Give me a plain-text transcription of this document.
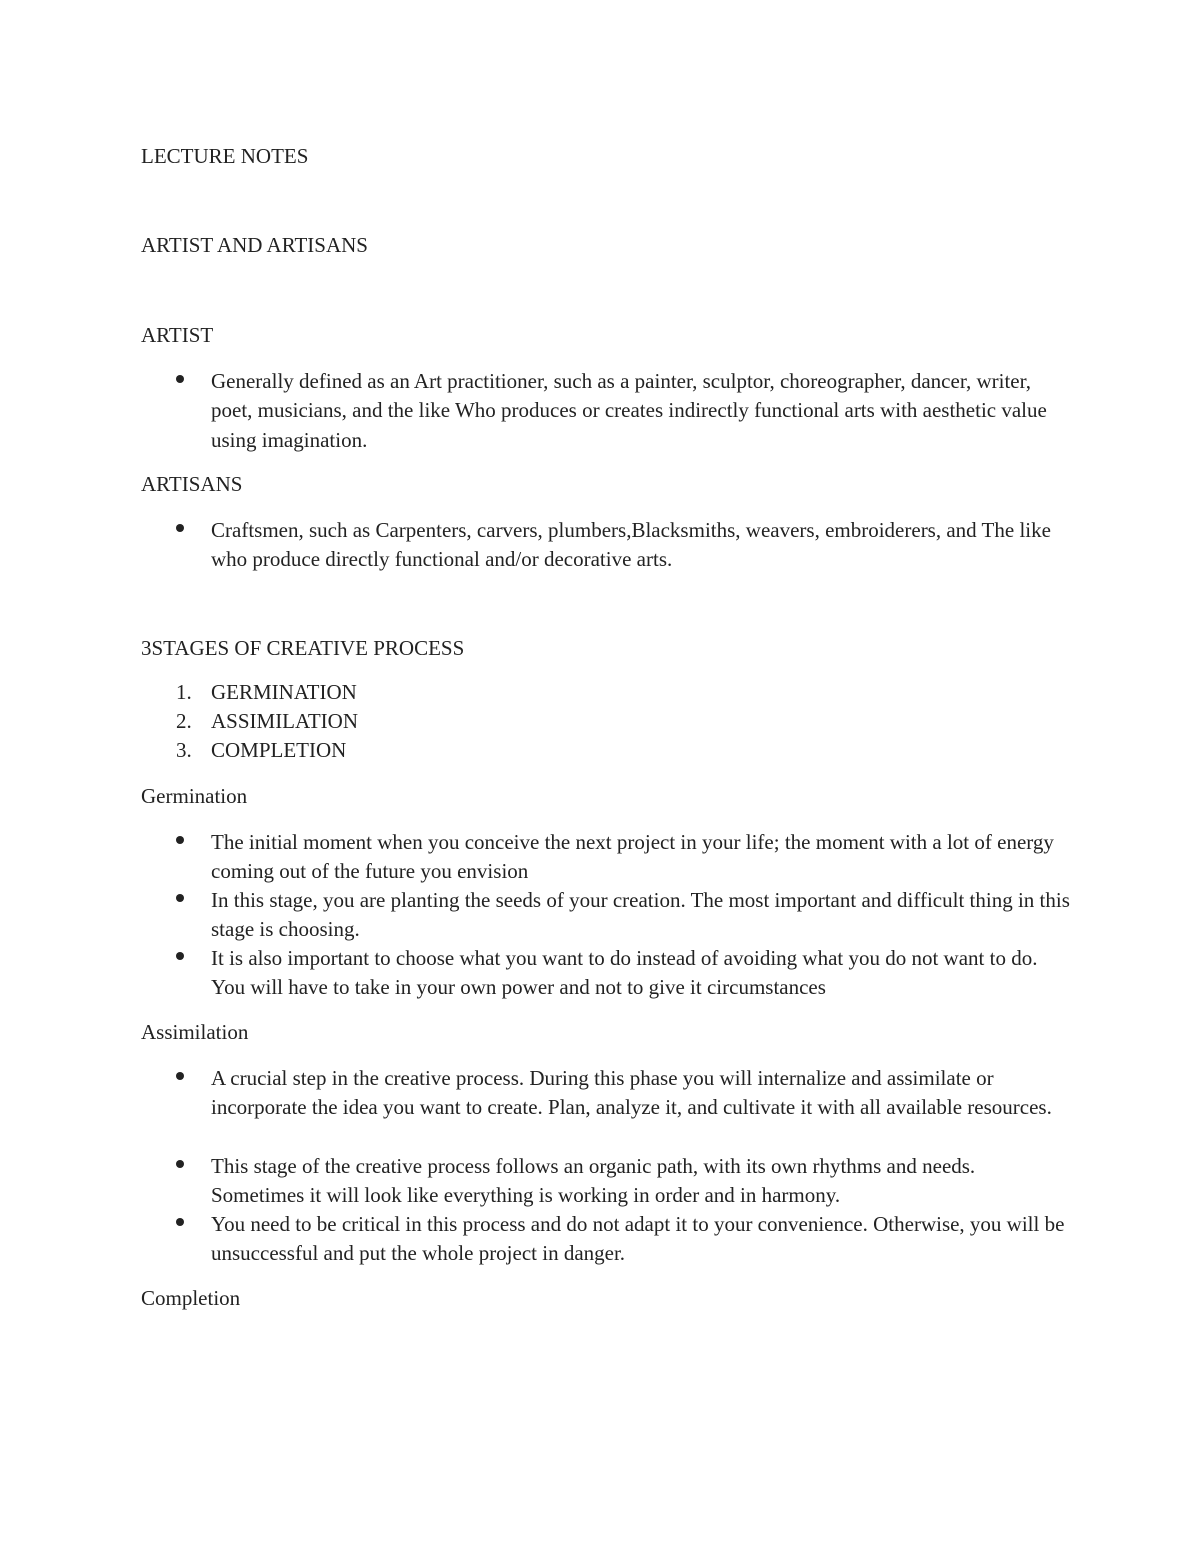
LECTURE NOTES
ARTIST AND ARTISANS
ARTIST
Generally defined as an Art practitioner, such as a painter, sculptor, choreographer, dancer, writer, poet, musicians, and the like Who produces or creates indirectly functional arts with aesthetic value using imagination.
ARTISANS
Craftsmen, such as Carpenters, carvers, plumbers,Blacksmiths, weavers, embroiderers, and The like who produce directly functional and/or decorative arts.
3STAGES OF CREATIVE PROCESS
1. GERMINATION
2. ASSIMILATION
3. COMPLETION
Germination
The initial moment when you conceive the next project in your life; the moment with a lot of energy coming out of the future you envision
In this stage, you are planting the seeds of your creation. The most important and difficult thing in this stage is choosing.
It is also important to choose what you want to do instead of avoiding what you do not want to do. You will have to take in your own power and not to give it circumstances
Assimilation
A crucial step in the creative process. During this phase you will internalize and assimilate or incorporate the idea you want to create. Plan, analyze it, and cultivate it with all available resources.
This stage of the creative process follows an organic path, with its own rhythms and needs. Sometimes it will look like everything is working in order and in harmony.
You need to be critical in this process and do not adapt it to your convenience. Otherwise, you will be unsuccessful and put the whole project in danger.
Completion
